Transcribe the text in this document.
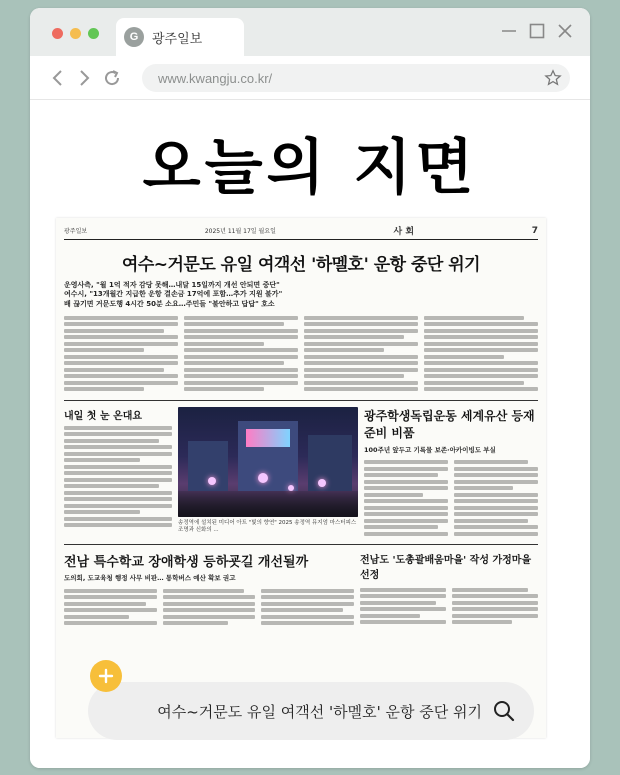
G	광주일보
www.kwangju.co.kr/
오늘의 지면
광주일보	2025년 11월 17일 월요일	사 회	7
여수~거문도 유일 여객선 '하멜호' 운항 중단 위기
운영사측, "월 1억 적자 감당 못해…내달 15일까지 개선 안되면 중단"
여수시, "13개월간 지급한 운항 결손금 17억에 포함…추가 지원 불가"
배 끊기면 거문도행 4시간 50분 소요…주민들 "불안하고 답답" 호소
내일 첫 눈 온대요
송정역에 설치된 미디어 아트 "빛의 향연" 2025 송정역 뮤지엄 마스터피스 조명과 신화의 ...
광주학생독립운동 세계유산 등재 준비 비품
100주년 앞두고 기록물 보존·아카이빙도 부실
전남 특수학교 장애학생 등하굣길 개선될까
도의회, 도교육청 행정 사무 비판… 통학버스 예산 확보 권고
전남도 '도총괄배움마을' 작성 가정마을 선정
여수~거문도 유일 여객선 '하멜호' 운항 중단 위기
